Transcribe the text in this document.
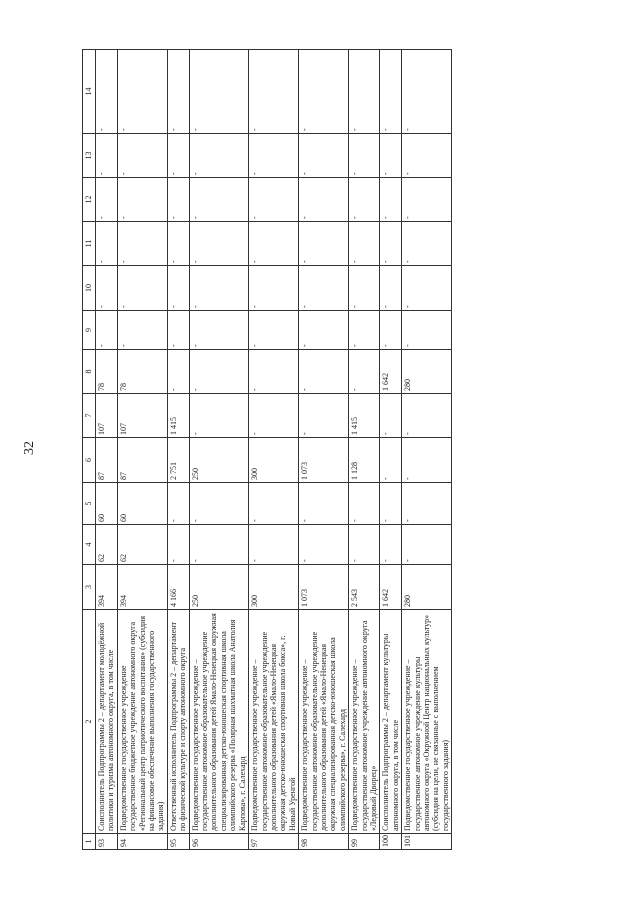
32
1	2	3	4	5	6	7	8	9	10	11	12	13	14
93	Соисполнитель Подпрограммы 2 – департамент молодёжной политики и туризма автономного округа, в том числе	394	62	60	87	107	78	-	-	-	-	-	-
94	Подведомственное государственное учреждение государственное бюджетное учреждение автономного округа «Региональный центр патриотического воспитания» (субсидия на финансовое обеспечение выполнения государственного задания)	394	62	60	87	107	78	-	-	-	-	-	-
95	Ответственный исполнитель Подпрограммы 2 – департамент по физической культуре и спорту автономного округа	4 166	-	-	2 751	1 415	-	-	-	-	-	-	-
96	Подведомственное государственное учреждение – государственное автономное образовательное учреждение дополнительного образования детей Ямало-Ненецкая окружная специализированная детско-юношеская спортивная школа олимпийского резерва «Полярная шахматная школа Анатолия Карпова», г. Салехард	250	-	-	250	-	-	-	-	-	-	-	-
97	Подведомственное государственное учреждение – государственное автономное образовательное учреждение дополнительного образования детей «Ямало-Ненецкая окружная детско-юношеская спортивная школа бокса», г. Новый Уренгой	300	-	-	300	-	-	-	-	-	-	-	-
98	Подведомственное государственное учреждение – государственное автономное образовательное учреждение дополнительного образования детей «Ямало-Ненецкая окружная специализированная детско-юношеская школа олимпийского резерва», г. Салехард	1 073	-	-	1 073	-	-	-	-	-	-	-	-
99	Подведомственное государственное учреждение – государственное автономное учреждение автономного округа «Ледовый Дворец»	2 543	-	-	1 128	1 415	-	-	-	-	-	-	-
100	Соисполнитель Подпрограммы 2 – департамент культуры автономного округа, в том числе	1 642	-	-	-	-	1 642	-	-	-	-	-	-
101	Подведомственное государственное учреждение – государственное автономное учреждение культуры автономного округа «Окружной Центр национальных культур» (субсидия на цели, не связанные с выполнением государственного задания)	280	-	-	-	-	280	-	-	-	-	-	-
